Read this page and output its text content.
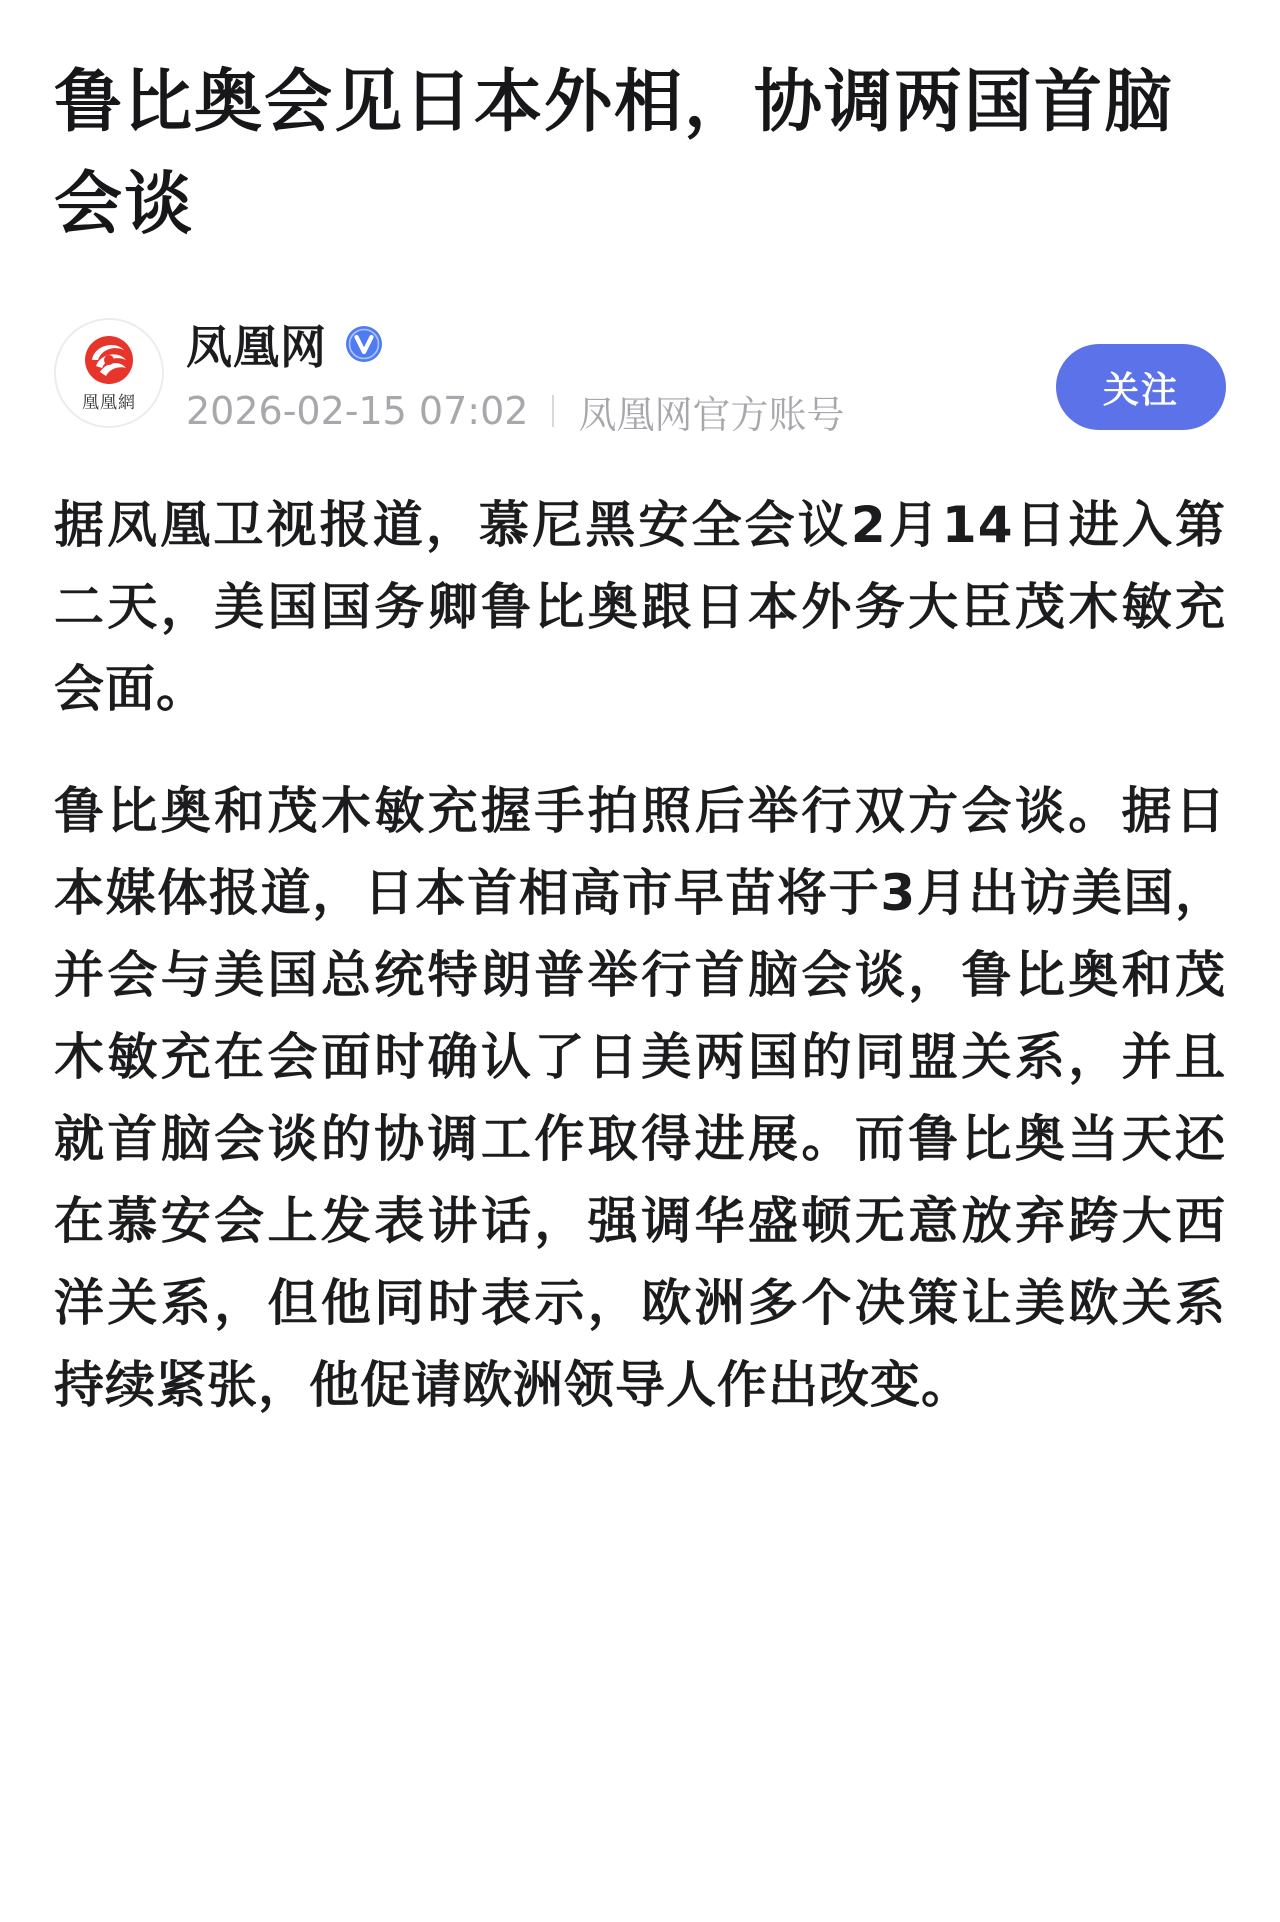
鲁比奥会见日本外相，协调两国首脑会谈
凰凰網
凤凰网
2026-02-15 07:02 凤凰网官方账号
关注

据凤凰卫视报道，慕尼黑安全会议2月14日进入第二天，美国国务卿鲁比奥跟日本外务大臣茂木敏充会面。

鲁比奥和茂木敏充握手拍照后举行双方会谈。据日本媒体报道，日本首相高市早苗将于3月出访美国，并会与美国总统特朗普举行首脑会谈，鲁比奥和茂木敏充在会面时确认了日美两国的同盟关系，并且就首脑会谈的协调工作取得进展。而鲁比奥当天还在慕安会上发表讲话，强调华盛顿无意放弃跨大西洋关系，但他同时表示，欧洲多个决策让美欧关系持续紧张，他促请欧洲领导人作出改变。
